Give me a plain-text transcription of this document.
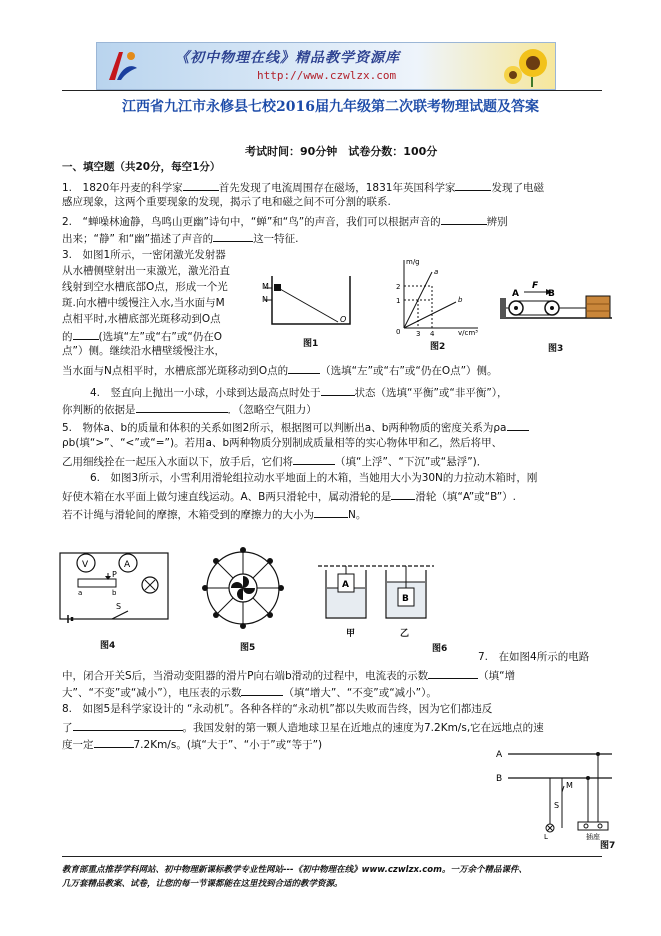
《初中物理在线》精品教学资源库
http://www.czwlzx.com
江西省九江市永修县七校2016届九年级第二次联考物理试题及答案
考试时间：90分钟　试卷分数：100分
一、填空题（共20分，每空1分）
1.　1820年丹麦的科学家	首先发现了电流周围存在磁场，1831年英国科学家	发现了电磁
感应现象，这两个重要现象的发现，揭示了电和磁之间不可分割的联系.
2.　“蝉噪林逾静，鸟鸣山更幽”诗句中，“蝉”和“鸟”的声音，我们可以根据声音的	辨别
出来；“静” 和“幽”描述了声音的	这一特征.
3.　如图1所示，一密闭激光发射器
从水槽侧壁射出一束激光，激光沿直
线射到空水槽底部O点，形成一个光
斑.向水槽中缓慢注入水,当水面与M
点相平时,水槽底部光斑移动到O点
的 (选填“左”或“右”或“仍在O
点”）侧。继续沿水槽壁缓慢注水，
当水面与N点相平时，水槽底部光斑移动到O点的	（选填“左”或“右”或“仍在O点”）侧。
M
N
O
图1
m/g
v/cm³
a
b
1
2
3 4
0
图2
A
F
B
图3
4.　竖直向上抛出一小球，小球到达最高点时处于	状态（选填“平衡”或“非平衡”），
你判断的依据是	．（忽略空气阻力）
5.　物体a、b的质量和体积的关系如图2所示，根据图可以判断出a、b两种物质的密度关系为ρa
ρb(填“>”、“<”或“=”)。若用a、b两种物质分别制成质量相等的实心物体甲和乙，然后将甲、
乙用细线拴在一起压入水面以下，放手后，它们将	（填“上浮”、“下沉”或“悬浮”)．
6.　如图3所示，小雪利用滑轮组拉动水平地面上的木箱，当她用大小为30N的力拉动木箱时，刚
好使木箱在水平面上做匀速直线运动。A、B两只滑轮中，属动滑轮的是 滑轮（填“A”或“B”）.
若不计绳与滑轮间的摩擦，木箱受到的摩擦力的大小为	N。
V	A
P
a	b
S
图4	图5
A
B
甲	乙
图6
7.　在如图4所示的电路
中，闭合开关S后，当滑动变阻器的滑片P向右端b滑动的过程中，电流表的示数	（填“增
大”、“不变”或“减小”），电压表的示数	（填“增大”、“不变”或“减小”）。
8.　如图5是科学家设计的 “永动机”。各种各样的“永动机”都以失败而告终，因为它们都违反
了	。我国发射的第一颗人造地球卫星在近地点的速度为7.2Km/s,它在远地点的速
度一定	7.2Km/s。(填“大于”、“小于”或“等于”)
A
B
M
S
L	插座
图7
教育部重点推荐学科网站、初中物理新课标教学专业性网站---《初中物理在线》www.czwlzx.com。一万余个精品课件、
几万套精品教案、试卷，让您的每一节课都能在这里找到合适的教学资源。
